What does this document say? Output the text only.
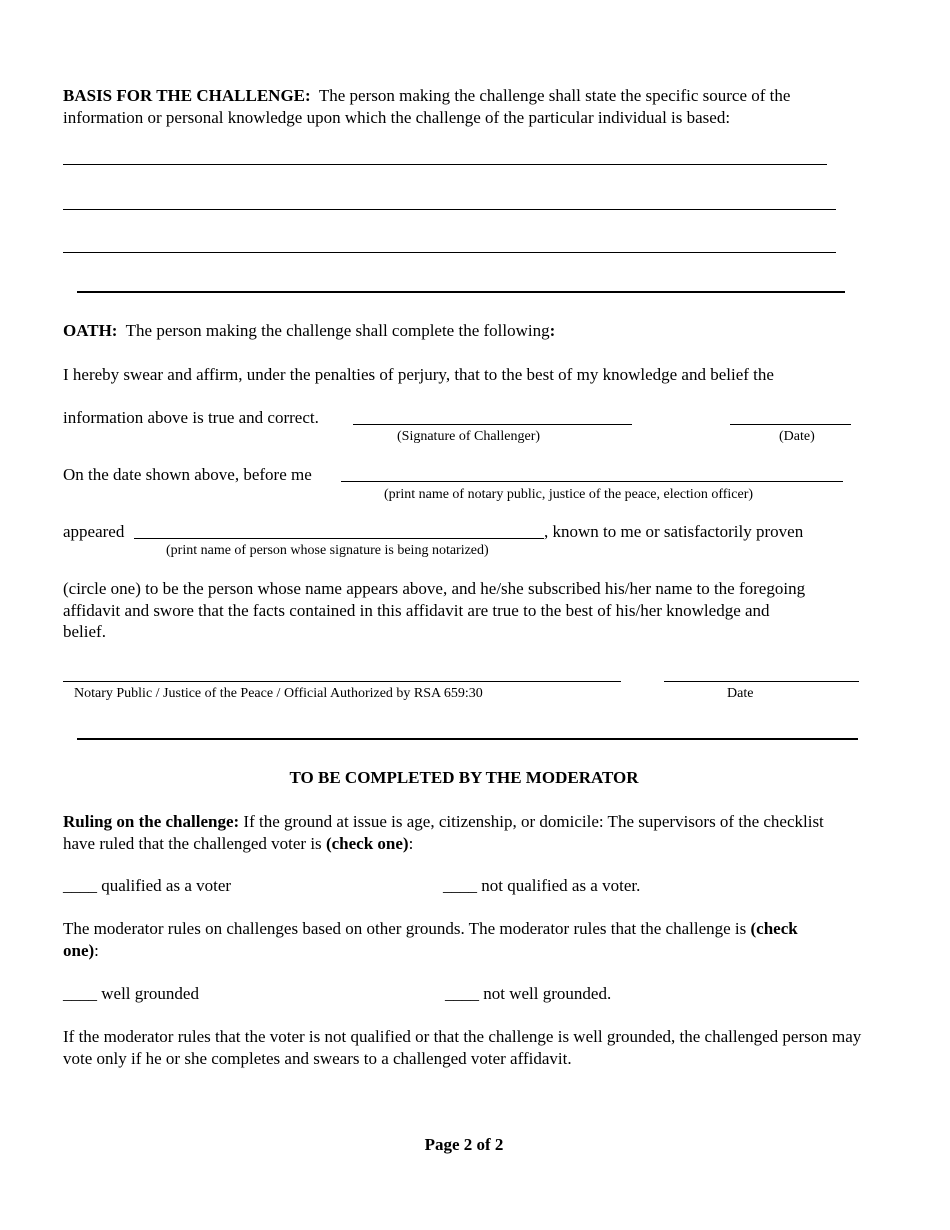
BASIS FOR THE CHALLENGE: The person making the challenge shall state the specific source of the information or personal knowledge upon which the challenge of the particular individual is based:
OATH: The person making the challenge shall complete the following:
I hereby swear and affirm, under the penalties of perjury, that to the best of my knowledge and belief the
information above is true and correct.
(Signature of Challenger)	(Date)
On the date shown above, before me
(print name of notary public, justice of the peace, election officer)
appeared	, known to me or satisfactorily proven
(print name of person whose signature is being notarized)
(circle one) to be the person whose name appears above, and he/she subscribed his/her name to the foregoing affidavit and swore that the facts contained in this affidavit are true to the best of his/her knowledge and belief.
Notary Public / Justice of the Peace / Official Authorized by RSA 659:30	Date
TO BE COMPLETED BY THE MODERATOR
Ruling on the challenge: If the ground at issue is age, citizenship, or domicile: The supervisors of the checklist have ruled that the challenged voter is (check one):
____ qualified as a voter	____ not qualified as a voter.
The moderator rules on challenges based on other grounds. The moderator rules that the challenge is (check one):
____ well grounded	____ not well grounded.
If the moderator rules that the voter is not qualified or that the challenge is well grounded, the challenged person may vote only if he or she completes and swears to a challenged voter affidavit.
Page 2 of 2
